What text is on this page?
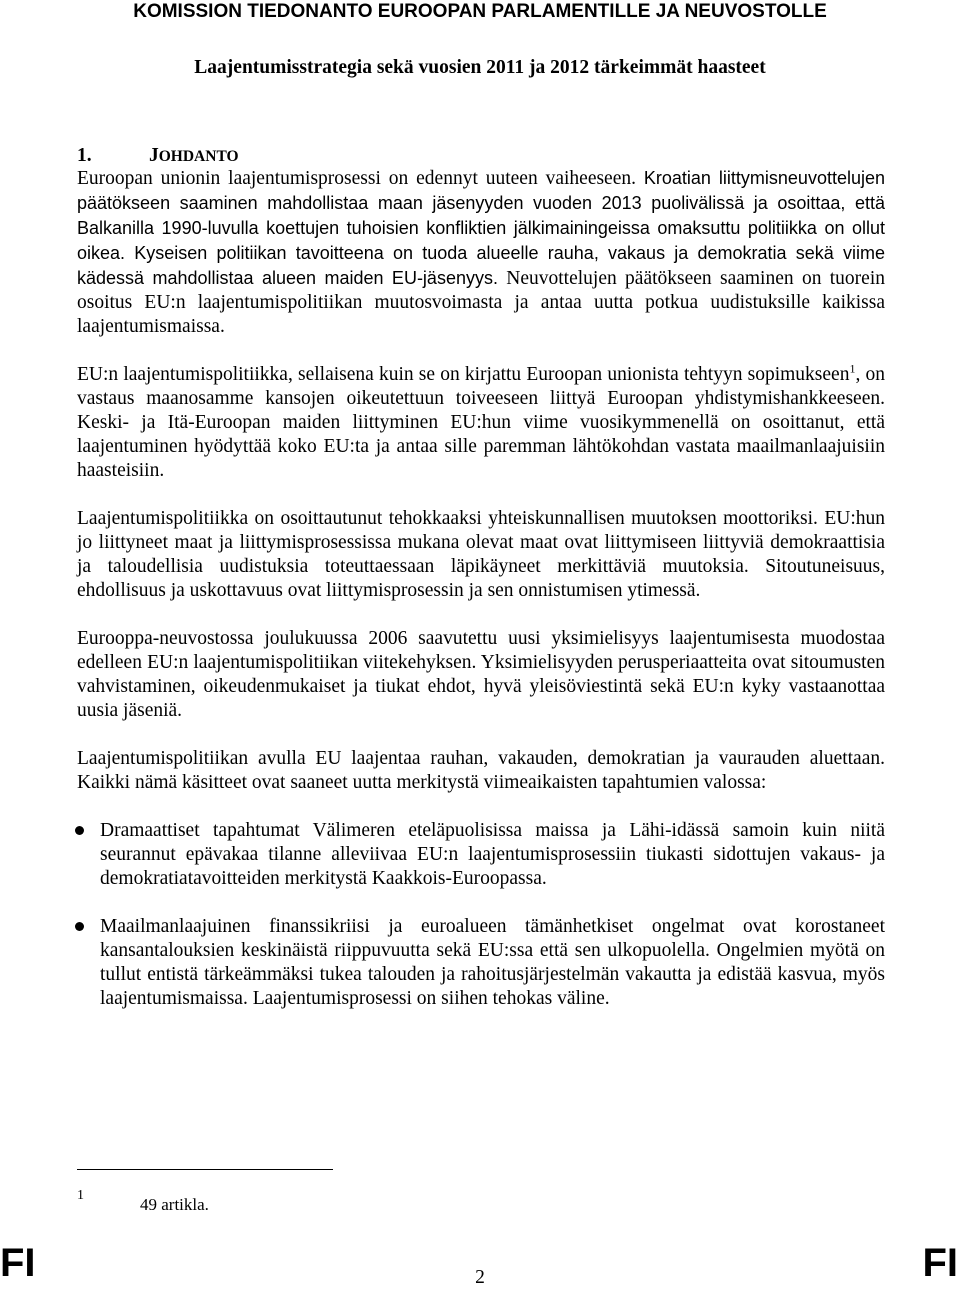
KOMISSION TIEDONANTO EUROOPAN PARLAMENTILLE JA NEUVOSTOLLE
Laajentumisstrategia sekä vuosien 2011 ja 2012 tärkeimmät haasteet
1.	JOHDANTO

Euroopan unionin laajentumisprosessi on edennyt uuteen vaiheeseen. Kroatian liittymisneuvottelujen päätökseen saaminen mahdollistaa maan jäsenyyden vuoden 2013 puolivälissä ja osoittaa, että Balkanilla 1990-luvulla koettujen tuhoisien konfliktien jälkimainingeissa omaksuttu politiikka on ollut oikea. Kyseisen politiikan tavoitteena on tuoda alueelle rauha, vakaus ja demokratia sekä viime kädessä mahdollistaa alueen maiden EU-jäsenyys. Neuvottelujen päätökseen saaminen on tuorein osoitus EU:n laajentumispolitiikan muutosvoimasta ja antaa uutta potkua uudistuksille kaikissa laajentumismaissa.

EU:n laajentumispolitiikka, sellaisena kuin se on kirjattu Euroopan unionista tehtyyn sopimukseen$^1$, on vastaus maanosamme kansojen oikeutettuun toiveeseen liittyä Euroopan yhdistymishankkeeseen. Keski- ja Itä-Euroopan maiden liittyminen EU:hun viime vuosikymmenellä on osoittanut, että laajentuminen hyödyttää koko EU:ta ja antaa sille paremman lähtökohdan vastata maailmanlaajuisiin haasteisiin.

Laajentumispolitiikka on osoittautunut tehokkaaksi yhteiskunnallisen muutoksen moottoriksi. EU:hun jo liittyneet maat ja liittymisprosessissa mukana olevat maat ovat liittymiseen liittyviä demokraattisia ja taloudellisia uudistuksia toteuttaessaan läpikäyneet merkittäviä muutoksia. Sitoutuneisuus, ehdollisuus ja uskottavuus ovat liittymisprosessin ja sen onnistumisen ytimessä.

Eurooppa-neuvostossa joulukuussa 2006 saavutettu uusi yksimielisyys laajentumisesta muodostaa edelleen EU:n laajentumispolitiikan viitekehyksen. Yksimielisyyden perusperiaatteita ovat sitoumusten vahvistaminen, oikeudenmukaiset ja tiukat ehdot, hyvä yleisöviestintä sekä EU:n kyky vastaanottaa uusia jäseniä.

Laajentumispolitiikan avulla EU laajentaa rauhan, vakauden, demokratian ja vaurauden aluettaan. Kaikki nämä käsitteet ovat saaneet uutta merkitystä viimeaikaisten tapahtumien valossa:

Dramaattiset tapahtumat Välimeren eteläpuolisissa maissa ja Lähi-idässä samoin kuin niitä seurannut epävakaa tilanne alleviivaa EU:n laajentumisprosessiin tiukasti sidottujen vakaus- ja demokratiatavoitteiden merkitystä Kaakkois-Euroopassa.
Maailmanlaajuinen finanssikriisi ja euroalueen tämänhetkiset ongelmat ovat korostaneet kansantalouksien keskinäistä riippuvuutta sekä EU:ssa että sen ulkopuolella. Ongelmien myötä on tullut entistä tärkeämmäksi tukea talouden ja rahoitusjärjestelmän vakautta ja edistää kasvua, myös laajentumismaissa. Laajentumisprosessi on siihen tehokas väline.
1	49 artikla.
FI	2	FI
